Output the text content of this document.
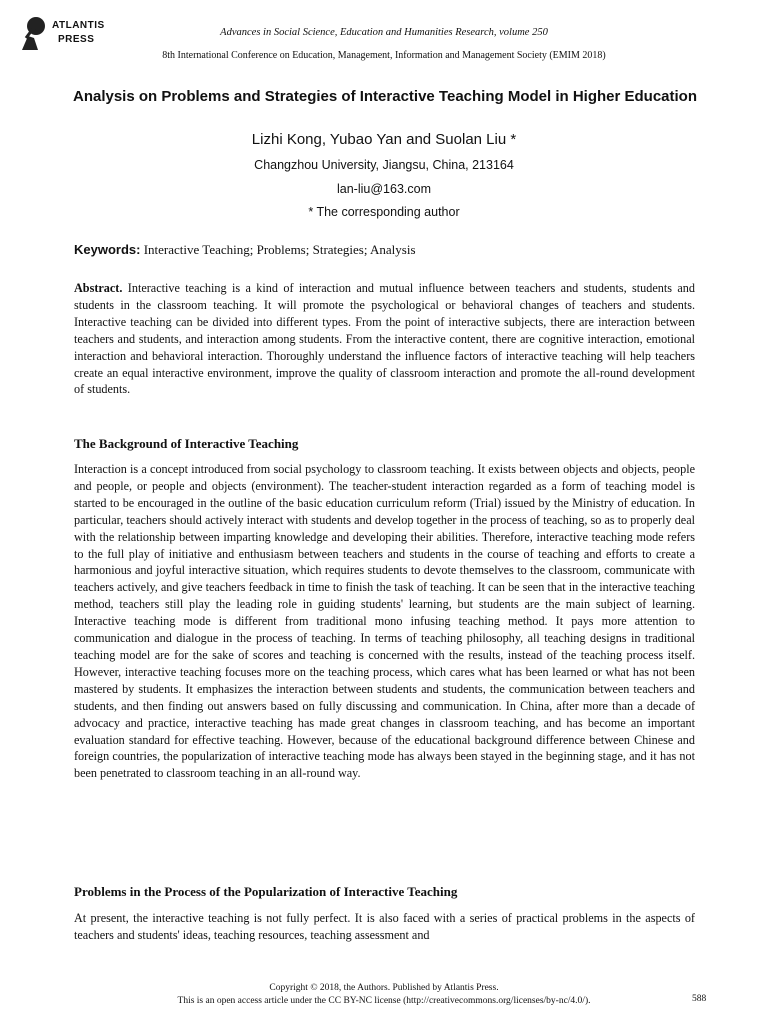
ATLANTIS
PRESS
Advances in Social Science, Education and Humanities Research, volume 250
8th International Conference on Education, Management, Information and Management Society (EMIM 2018)
Analysis on Problems and Strategies of Interactive Teaching Model in Higher Education
Lizhi Kong, Yubao Yan and Suolan Liu *
Changzhou University, Jiangsu, China, 213164
lan-liu@163.com
* The corresponding author
Keywords: Interactive Teaching; Problems; Strategies; Analysis

Abstract. Interactive teaching is a kind of interaction and mutual influence between teachers and students, students and students in the classroom teaching. It will promote the psychological or behavioral changes of teachers and students. Interactive teaching can be divided into different types. From the point of interactive subjects, there are interaction between teachers and students, and interaction among students. From the interactive content, there are cognitive interaction, emotional interaction and behavioral interaction. Thoroughly understand the influence factors of interactive teaching will help teachers create an equal interactive environment, improve the quality of classroom interaction and promote the all-round development of students.

The Background of Interactive Teaching

Interaction is a concept introduced from social psychology to classroom teaching. It exists between objects and objects, people and people, or people and objects (environment). The teacher-student interaction regarded as a form of teaching model is started to be encouraged in the outline of the basic education curriculum reform (Trial) issued by the Ministry of education. In particular, teachers should actively interact with students and develop together in the process of teaching, so as to properly deal with the relationship between imparting knowledge and developing their abilities. Therefore, interactive teaching mode refers to the full play of initiative and enthusiasm between teachers and students in the course of teaching and efforts to create a harmonious and joyful interactive situation, which requires students to devote themselves to the classroom, communicate with teachers actively, and give teachers feedback in time to finish the task of teaching. It can be seen that in the interactive teaching method, teachers still play the leading role in guiding students' learning, but students are the main subject of learning. Interactive teaching mode is different from traditional mono infusing teaching method. It pays more attention to communication and dialogue in the process of teaching. In terms of teaching philosophy, all teaching designs in traditional teaching model are for the sake of scores and teaching is concerned with the results, instead of the teaching process itself. However, interactive teaching focuses more on the teaching process, which cares what has been learned or what has not been mastered by students. It emphasizes the interaction between students and students, the communication between teachers and students, and then finding out answers based on fully discussing and communication. In China, after more than a decade of advocacy and practice, interactive teaching has made great changes in classroom teaching, and has become an important evaluation standard for effective teaching. However, because of the educational background difference between Chinese and foreign countries, the popularization of interactive teaching mode has always been stayed in the beginning stage, and it has not been penetrated to classroom teaching in an all-round way.

Problems in the Process of the Popularization of Interactive Teaching

At present, the interactive teaching is not fully perfect. It is also faced with a series of practical problems in the aspects of teachers and students' ideas, teaching resources, teaching assessment and

Copyright © 2018, the Authors. Published by Atlantis Press.
This is an open access article under the CC BY-NC license (http://creativecommons.org/licenses/by-nc/4.0/).	588
